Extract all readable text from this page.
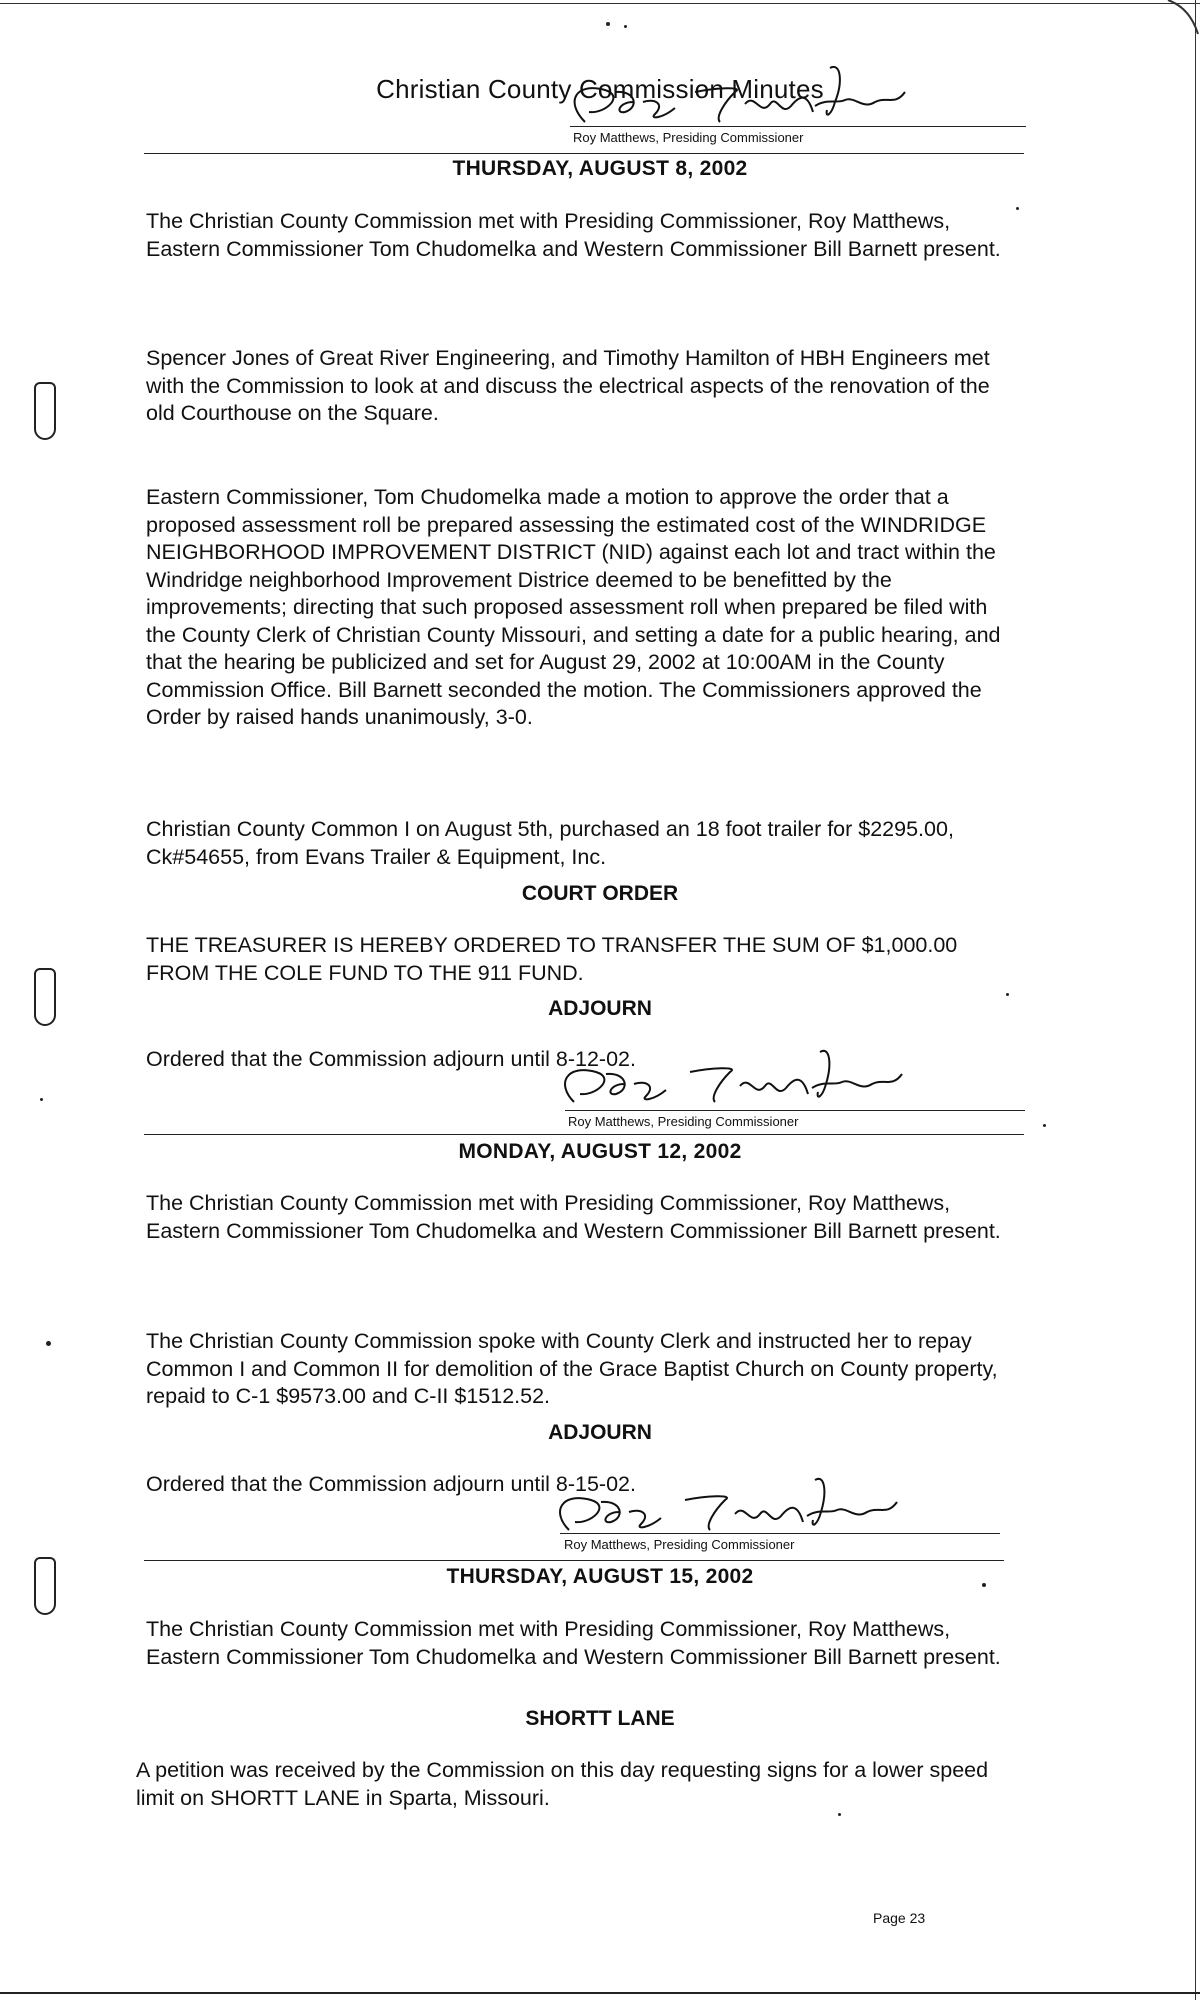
Christian County Commission Minutes
Roy Matthews, Presiding Commissioner
THURSDAY, AUGUST 8, 2002
The Christian County Commission met with Presiding Commissioner, Roy Matthews, Eastern Commissioner Tom Chudomelka and Western Commissioner Bill Barnett present.
Spencer Jones of Great River Engineering, and Timothy Hamilton of HBH Engineers met with the Commission to look at and discuss the electrical aspects of the renovation of the old Courthouse on the Square.
Eastern Commissioner, Tom Chudomelka made a motion to approve the order that a proposed assessment roll be prepared assessing the estimated cost of the WINDRIDGE NEIGHBORHOOD IMPROVEMENT DISTRICT (NID) against each lot and tract within the Windridge neighborhood Improvement Districe deemed to be benefitted by the improvements; directing that such proposed assessment roll when prepared be filed with the County Clerk of Christian County Missouri, and setting a date for a public hearing, and that the hearing be publicized and set for August 29, 2002 at 10:00AM in the County Commission Office. Bill Barnett seconded the motion. The Commissioners approved the Order by raised hands unanimously, 3-0.
Christian County Common I on August 5th, purchased an 18 foot trailer for $2295.00, Ck#54655, from Evans Trailer & Equipment, Inc.
COURT ORDER
THE TREASURER IS HEREBY ORDERED TO TRANSFER THE SUM OF $1,000.00 FROM THE COLE FUND TO THE 911 FUND.
ADJOURN
Ordered that the Commission adjourn until 8-12-02.
Roy Matthews, Presiding Commissioner
MONDAY, AUGUST 12, 2002
The Christian County Commission met with Presiding Commissioner, Roy Matthews, Eastern Commissioner Tom Chudomelka and Western Commissioner Bill Barnett present.
The Christian County Commission spoke with County Clerk and instructed her to repay Common I and Common II for demolition of the Grace Baptist Church on County property, repaid to C-1 $9573.00 and C-II $1512.52.
ADJOURN
Ordered that the Commission adjourn until 8-15-02.
Roy Matthews, Presiding Commissioner
THURSDAY, AUGUST 15, 2002
The Christian County Commission met with Presiding Commissioner, Roy Matthews, Eastern Commissioner Tom Chudomelka and Western Commissioner Bill Barnett present.
SHORTT LANE
A petition was received by the Commission on this day requesting signs for a lower speed limit on SHORTT LANE in Sparta, Missouri.
Page 23
